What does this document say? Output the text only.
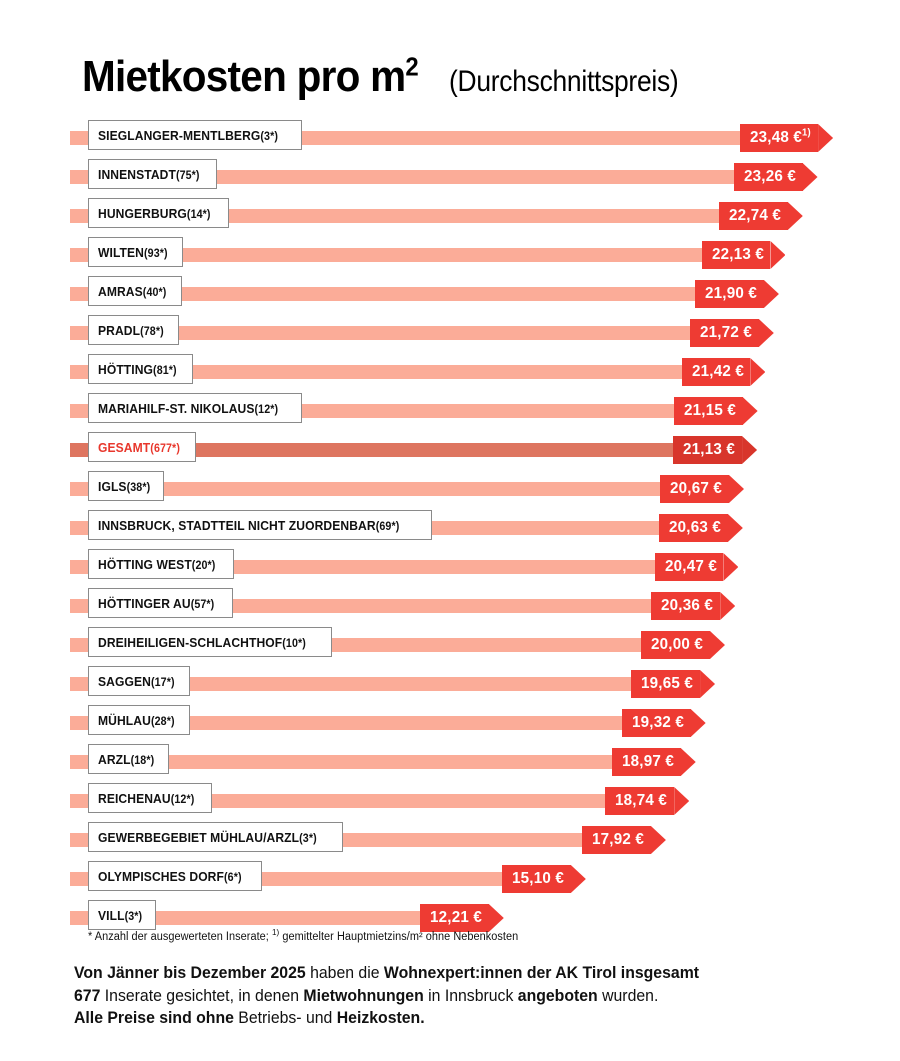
Mietkosten pro $m^2$ (Durchschnittspreis)
SIEGLANGER-MENTLBERG(3*)	23,48 €$^{1)}$
INNENSTADT(75*)	23,26 €
HUNGERBURG(14*)	22,74 €
WILTEN(93*)	22,13 €
AMRAS(40*)	21,90 €
PRADL(78*)	21,72 €
HÖTTING(81*)	21,42 €
MARIAHILF-ST. NIKOLAUS(12*)	21,15 €
GESAMT(677*)	21,13 €
IGLS(38*)	20,67 €
INNSBRUCK, STADTTEIL NICHT ZUORDENBAR(69*)	20,63 €
HÖTTING WEST(20*)	20,47 €
HÖTTINGER AU(57*)	20,36 €
DREIHEILIGEN-SCHLACHTHOF(10*)	20,00 €
SAGGEN(17*)	19,65 €
MÜHLAU(28*)	19,32 €
ARZL(18*)	18,97 €
REICHENAU(12*)	18,74 €
GEWERBEGEBIET MÜHLAU/ARZL(3*)	17,92 €
OLYMPISCHES DORF(6*)	15,10 €
VILL(3*)	12,21 €
* Anzahl der ausgewerteten Inserate; $^{1)}$ gemittelter Hauptmietzins/m² ohne Nebenkosten
Von Jänner bis Dezember 2025 haben die Wohnexpert:innen der AK Tirol insgesamt
677 Inserate gesichtet, in denen Mietwohnungen in Innsbruck angeboten wurden.
Alle Preise sind ohne Betriebs- und Heizkosten.
